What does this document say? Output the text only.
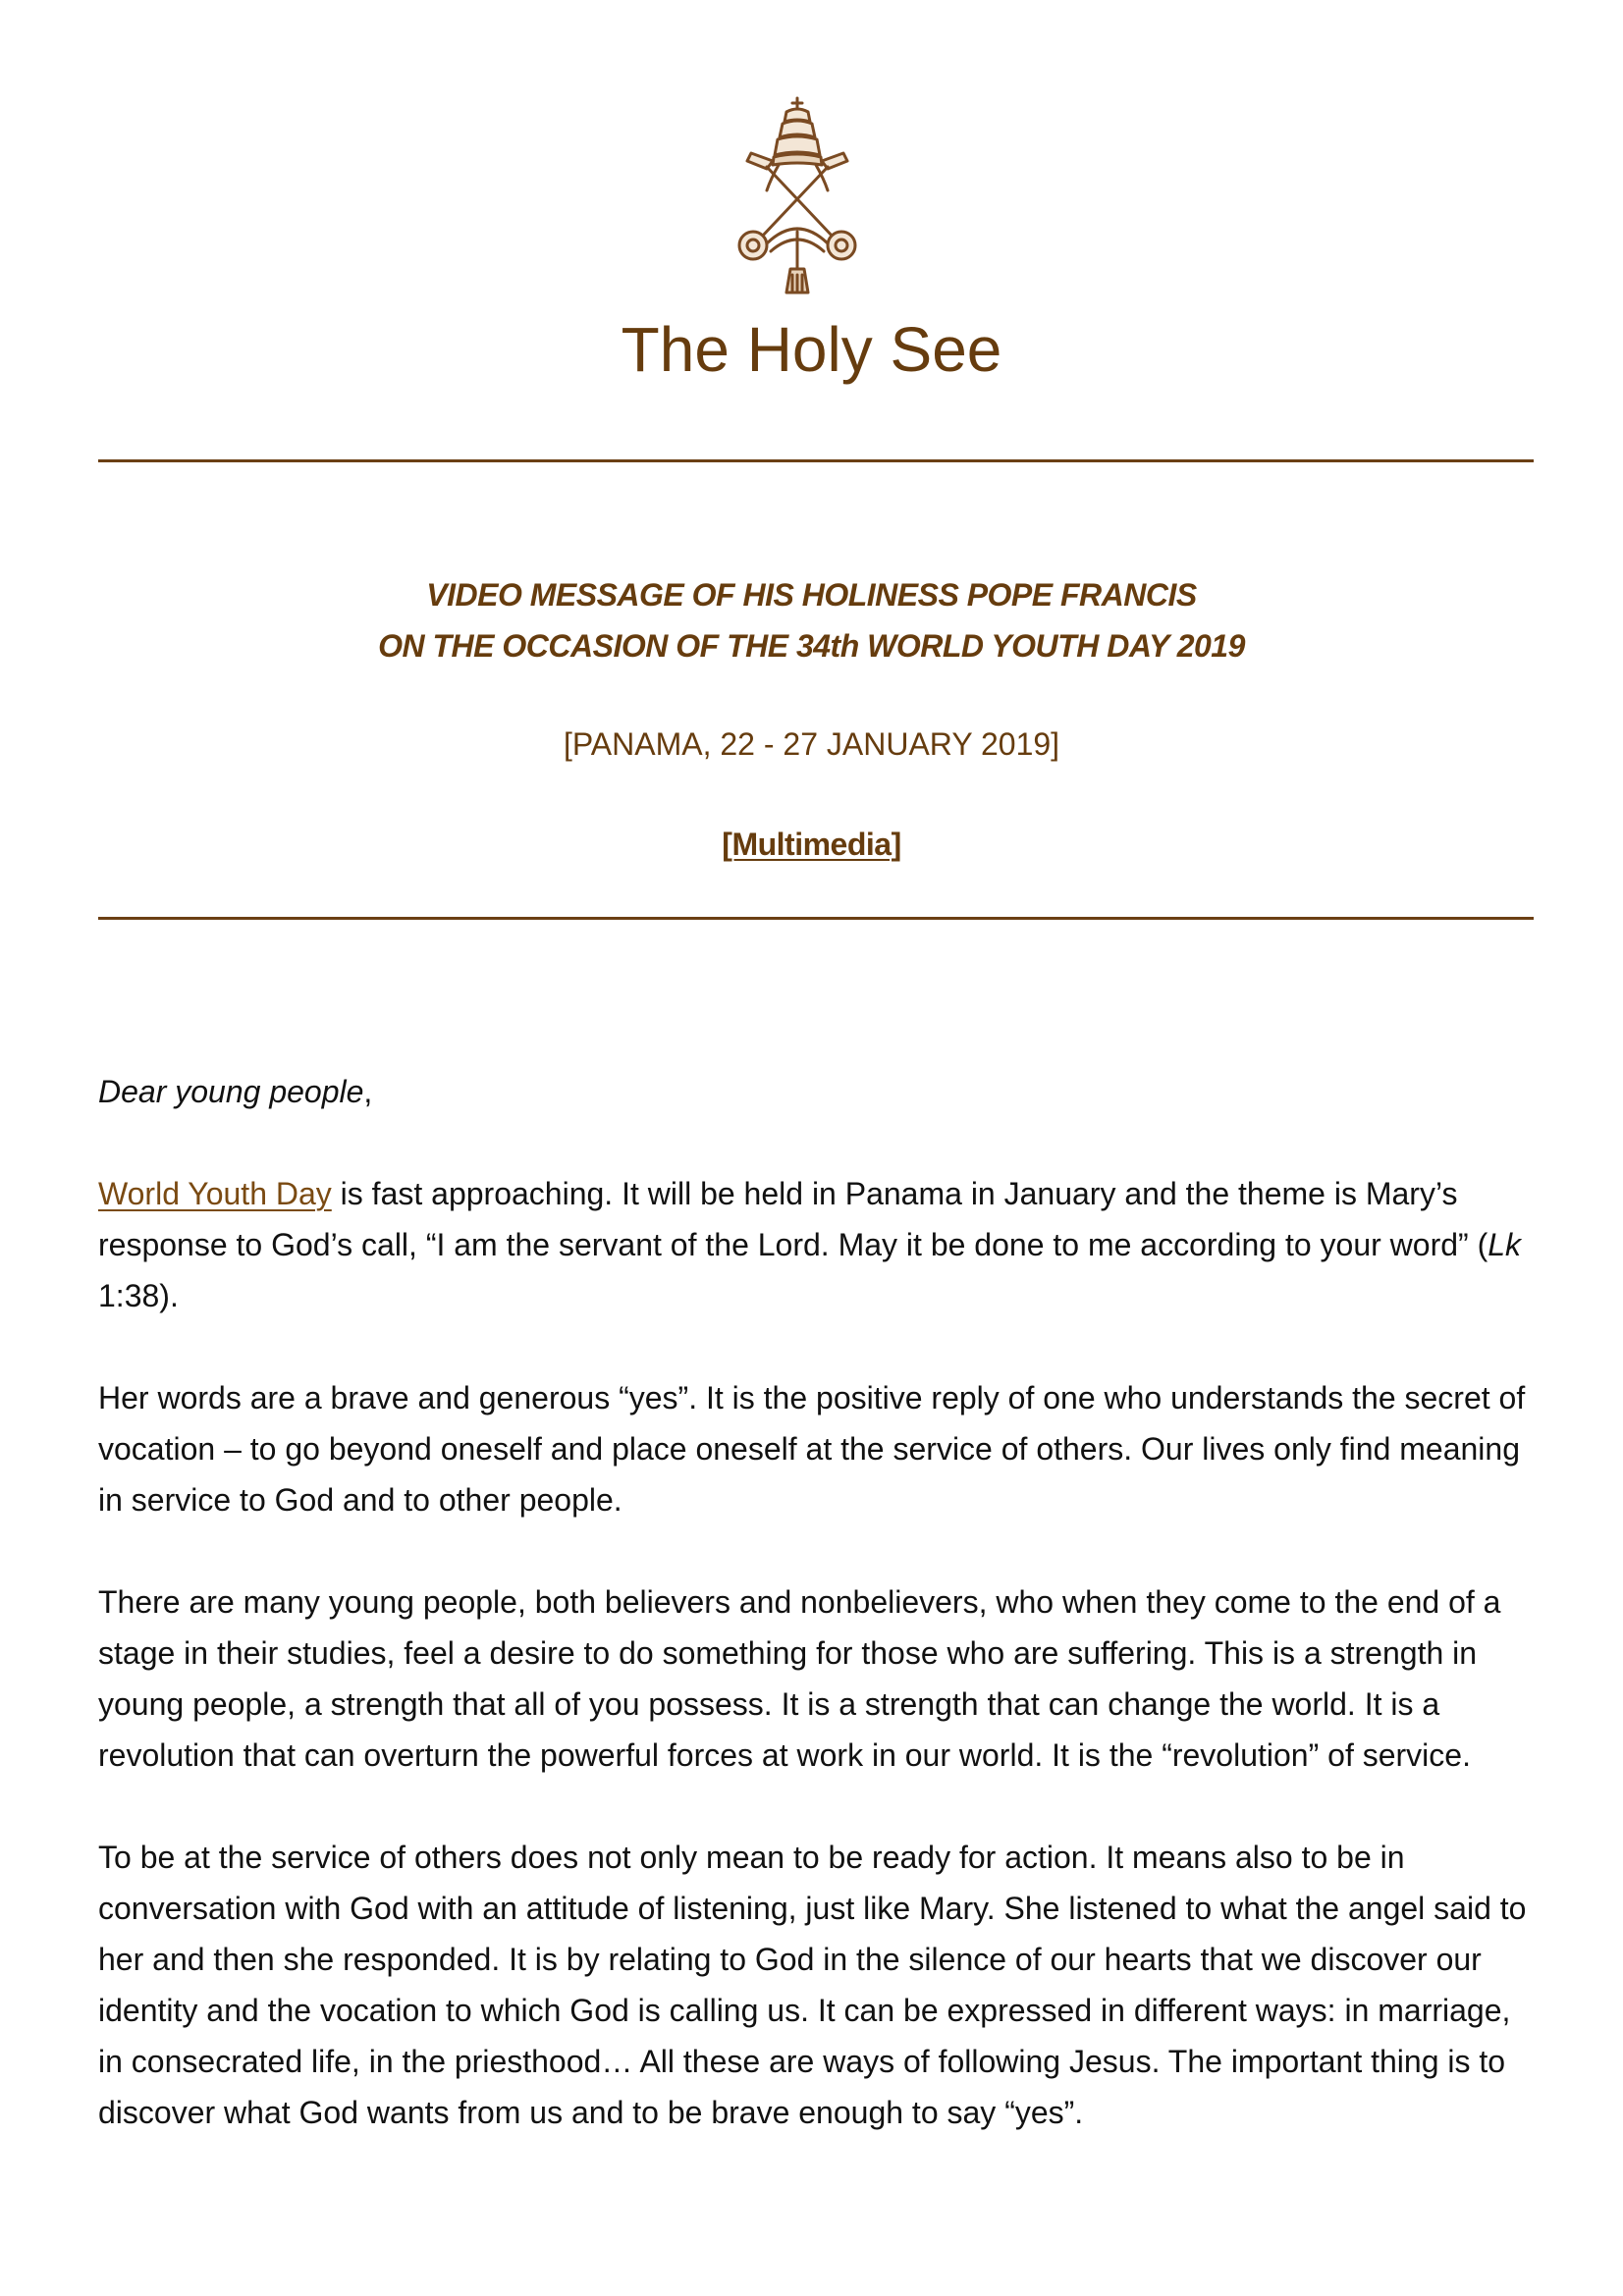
The Holy See
VIDEO MESSAGE OF HIS HOLINESS POPE FRANCIS
ON THE OCCASION OF THE 34th WORLD YOUTH DAY 2019
[PANAMA, 22 - 27 JANUARY 2019]
[Multimedia]

Dear young people,

World Youth Day is fast approaching. It will be held in Panama in January and the theme is Mary’s response to God’s call, “I am the servant of the Lord. May it be done to me according to your word” (Lk 1:38).

Her words are a brave and generous “yes”. It is the positive reply of one who understands the secret of vocation – to go beyond oneself and place oneself at the service of others. Our lives only find meaning in service to God and to other people.

There are many young people, both believers and nonbelievers, who when they come to the end of a stage in their studies, feel a desire to do something for those who are suffering. This is a strength in young people, a strength that all of you possess. It is a strength that can change the world. It is a revolution that can overturn the powerful forces at work in our world. It is the “revolution” of service.

To be at the service of others does not only mean to be ready for action. It means also to be in conversation with God with an attitude of listening, just like Mary. She listened to what the angel said to her and then she responded. It is by relating to God in the silence of our hearts that we discover our identity and the vocation to which God is calling us. It can be expressed in different ways: in marriage, in consecrated life, in the priesthood… All these are ways of following Jesus. The important thing is to discover what God wants from us and to be brave enough to say “yes”.
